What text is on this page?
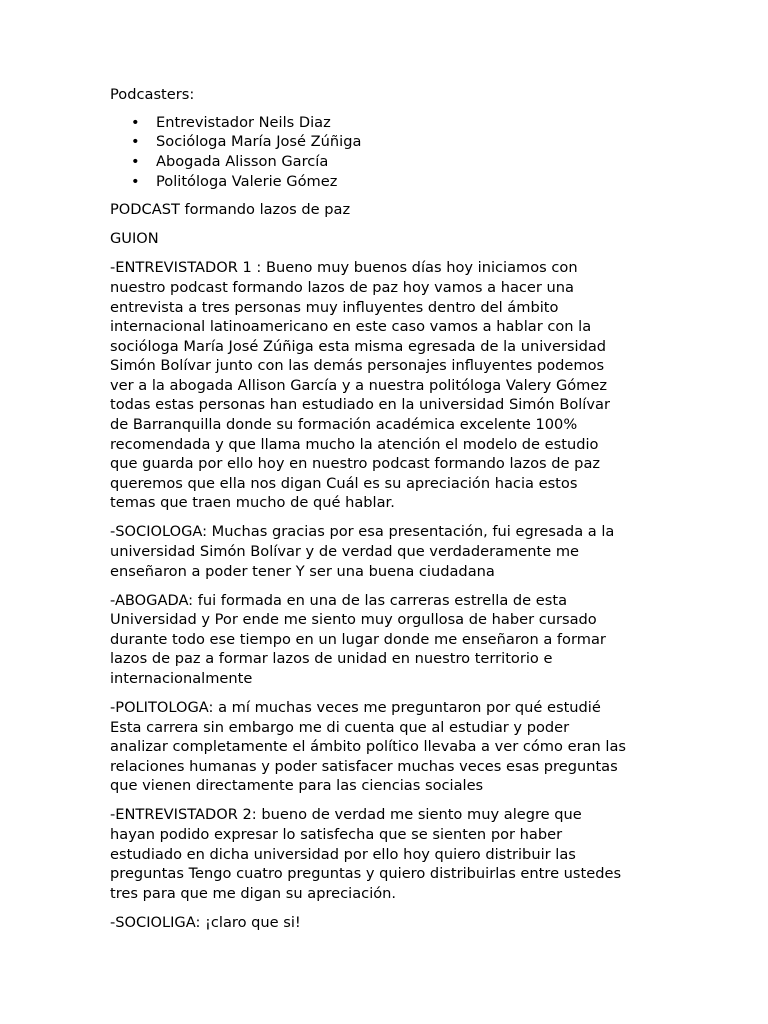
Podcasters:

• Entrevistador Neils Diaz
• Socióloga María José Zúñiga
• Abogada Alisson García
• Politóloga Valerie Gómez

PODCAST formando lazos de paz

GUION

-ENTREVISTADOR 1 : Bueno muy buenos días hoy iniciamos con
nuestro podcast formando lazos de paz hoy vamos a hacer una
entrevista a tres personas muy influyentes dentro del ámbito
internacional latinoamericano en este caso vamos a hablar con la
socióloga María José Zúñiga esta misma egresada de la universidad
Simón Bolívar junto con las demás personajes influyentes podemos
ver a la abogada Allison García y a nuestra politóloga Valery Gómez
todas estas personas han estudiado en la universidad Simón Bolívar
de Barranquilla donde su formación académica excelente 100%
recomendada y que llama mucho la atención el modelo de estudio
que guarda por ello hoy en nuestro podcast formando lazos de paz
queremos que ella nos digan Cuál es su apreciación hacia estos
temas que traen mucho de qué hablar.

-SOCIOLOGA: Muchas gracias por esa presentación, fui egresada a la
universidad Simón Bolívar y de verdad que verdaderamente me
enseñaron a poder tener Y ser una buena ciudadana

-ABOGADA: fui formada en una de las carreras estrella de esta
Universidad y Por ende me siento muy orgullosa de haber cursado
durante todo ese tiempo en un lugar donde me enseñaron a formar
lazos de paz a formar lazos de unidad en nuestro territorio e
internacionalmente

-POLITOLOGA: a mí muchas veces me preguntaron por qué estudié
Esta carrera sin embargo me di cuenta que al estudiar y poder
analizar completamente el ámbito político llevaba a ver cómo eran las
relaciones humanas y poder satisfacer muchas veces esas preguntas
que vienen directamente para las ciencias sociales

-ENTREVISTADOR 2: bueno de verdad me siento muy alegre que
hayan podido expresar lo satisfecha que se sienten por haber
estudiado en dicha universidad por ello hoy quiero distribuir las
preguntas Tengo cuatro preguntas y quiero distribuirlas entre ustedes
tres para que me digan su apreciación.

-SOCIOLIGA: ¡claro que si!
